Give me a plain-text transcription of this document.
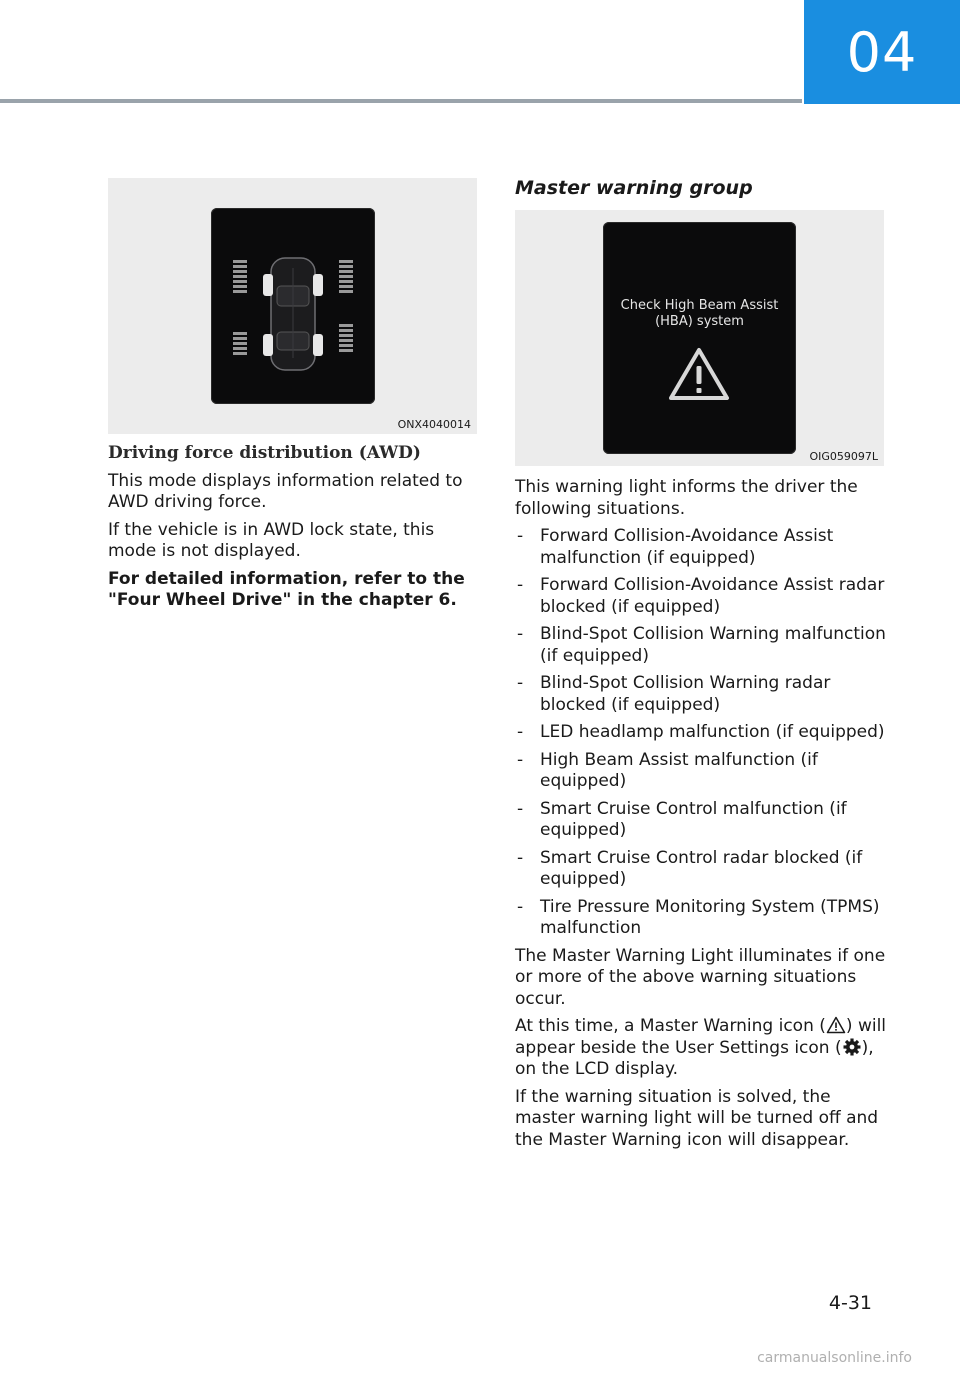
04
ONX4040014
Driving force distribution (AWD)

This mode displays information related to AWD driving force.

If the vehicle is in AWD lock state, this mode is not displayed.

For detailed information, refer to the "Four Wheel Drive" in the chapter 6.

Master warning group
Check High Beam Assist
(HBA) system
OIG059097L

This warning light informs the driver the following situations.

- Forward Collision-Avoidance Assist malfunction (if equipped)
- Forward Collision-Avoidance Assist radar blocked (if equipped)
- Blind-Spot Collision Warning malfunction (if equipped)
- Blind-Spot Collision Warning radar blocked (if equipped)
- LED headlamp malfunction (if equipped)
- High Beam Assist malfunction (if equipped)
- Smart Cruise Control malfunction (if equipped)
- Smart Cruise Control radar blocked (if equipped)
- Tire Pressure Monitoring System (TPMS) malfunction

The Master Warning Light illuminates if one or more of the above warning situations occur.

At this time, a Master Warning icon ( ) will appear beside the User Settings icon ( ), on the LCD display.

If the warning situation is solved, the master warning light will be turned off and the Master Warning icon will disappear.

4-31
carmanualsonline.info
